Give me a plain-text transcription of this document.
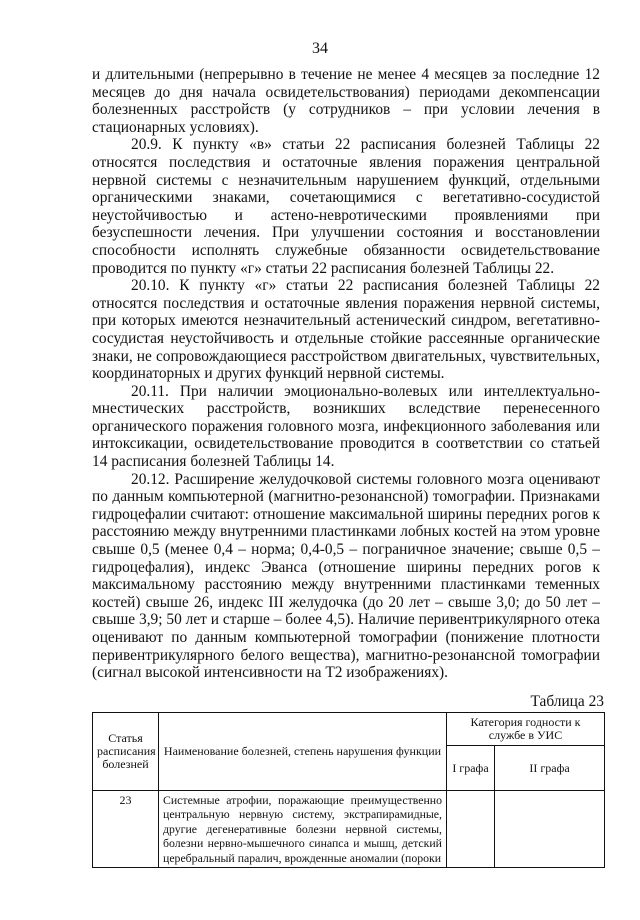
34

и длительными (непрерывно в течение не менее 4 месяцев за последние 12 месяцев до дня начала освидетельствования) периодами декомпенсации болезненных расстройств (у сотрудников – при условии лечения в стационарных условиях).

20.9. К пункту «в» статьи 22 расписания болезней Таблицы 22 относятся последствия и остаточные явления поражения центральной нервной системы с незначительным нарушением функций, отдельными органическими знаками, сочетающимися с вегетативно-сосудистой неустойчивостью и астено-невротическими проявлениями при безуспешности лечения. При улучшении состояния и восстановлении способности исполнять служебные обязанности освидетельствование проводится по пункту «г» статьи 22 расписания болезней Таблицы 22.

20.10. К пункту «г» статьи 22 расписания болезней Таблицы 22 относятся последствия и остаточные явления поражения нервной системы, при которых имеются незначительный астенический синдром, вегетативно-сосудистая неустойчивость и отдельные стойкие рассеянные органические знаки, не сопровождающиеся расстройством двигательных, чувствительных, координаторных и других функций нервной системы.

20.11. При наличии эмоционально-волевых или интеллектуально-мнестических расстройств, возникших вследствие перенесенного органического поражения головного мозга, инфекционного заболевания или интоксикации, освидетельствование проводится в соответствии со статьей 14 расписания болезней Таблицы 14.

20.12. Расширение желудочковой системы головного мозга оценивают по данным компьютерной (магнитно-резонансной) томографии. Признаками гидроцефалии считают: отношение максимальной ширины передних рогов к расстоянию между внутренними пластинками лобных костей на этом уровне свыше 0,5 (менее 0,4 – норма; 0,4-0,5 – пограничное значение; свыше 0,5 – гидроцефалия), индекс Эванса (отношение ширины передних рогов к максимальному расстоянию между внутренними пластинками теменных костей) свыше 26, индекс III желудочка (до 20 лет – свыше 3,0; до 50 лет – свыше 3,9; 50 лет и старше – более 4,5). Наличие перивентрикулярного отека оценивают по данным компьютерной томографии (понижение плотности перивентрикулярного белого вещества), магнитно-резонансной томографии (сигнал высокой интенсивности на Т2 изображениях).

Таблица 23
Статья расписания болезней	Наименование болезней, степень нарушения функции	Категория годности к службе в УИС	
		I графа	II графа
23	Системные атрофии, поражающие преимущественно центральную нервную систему, экстрапирамидные, другие дегенеративные болезни нервной системы, болезни нервно-мышечного синапса и мышц, детский церебральный паралич, врожденные аномалии (пороки		
